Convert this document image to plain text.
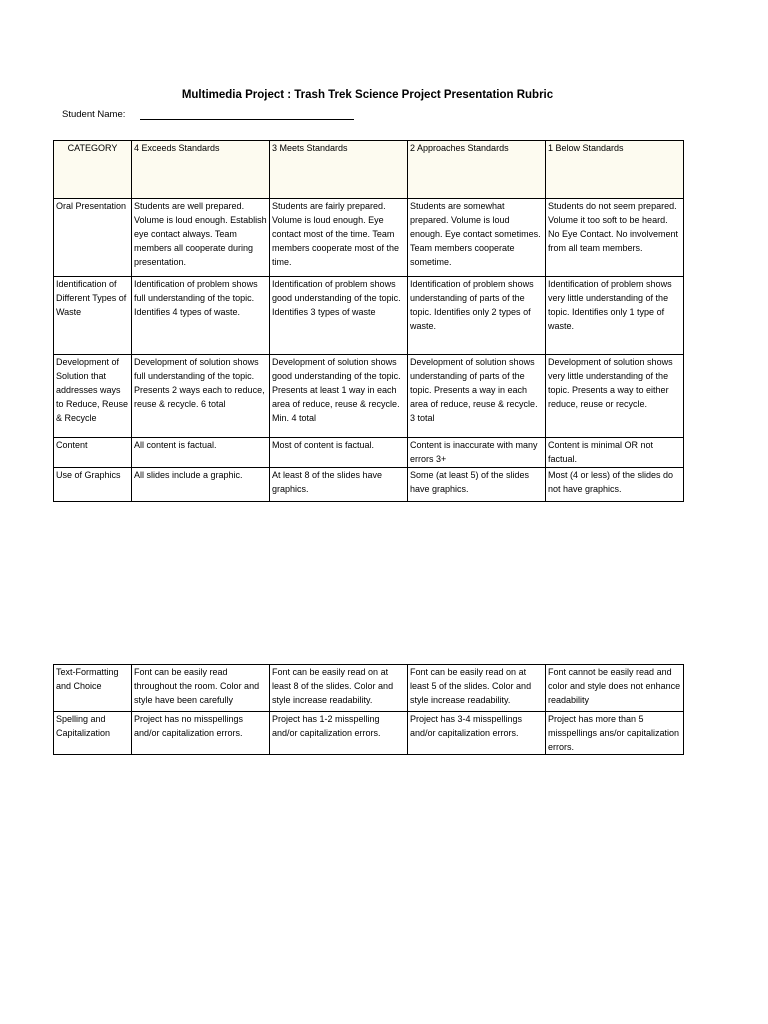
Multimedia Project : Trash Trek Science Project Presentation Rubric
Student Name:
CATEGORY	4 Exceeds Standards	3 Meets Standards	2 Approaches Standards	1 Below Standards
Oral Presentation	Students are well prepared. Volume is loud enough. Establish eye contact always. Team members all cooperate during presentation.	Students are fairly prepared. Volume is loud enough. Eye contact most of the time. Team members cooperate most of the time.	Students are somewhat prepared. Volume is loud enough. Eye contact sometimes. Team members cooperate sometime.	Students do not seem prepared. Volume it too soft to be heard. No Eye Contact. No involvement from all team members.
Identification of Different Types of Waste	Identification of problem shows full understanding of the topic. Identifies 4 types of waste.	Identification of problem shows good understanding of the topic. Identifies 3 types of waste	Identification of problem shows understanding of parts of the topic. Identifies only 2 types of waste.	Identification of problem shows very little understanding of the topic. Identifies only 1 type of waste.
Development of Solution that addresses ways to Reduce, Reuse & Recycle	Development of solution shows full understanding of the topic. Presents 2 ways each to reduce, reuse & recycle. 6 total	Development of solution shows good understanding of the topic. Presents at least 1 way in each area of reduce, reuse & recycle. Min. 4 total	Development of solution shows understanding of parts of the topic. Presents a way in each area of reduce, reuse & recycle. 3 total	Development of solution shows very little understanding of the topic. Presents a way to either reduce, reuse or recycle.
Content	All content is factual.	Most of content is factual.	Content is inaccurate with many errors 3+	Content is minimal OR not factual.
Use of Graphics	All slides include a graphic.	At least 8 of the slides have graphics.	Some (at least 5) of the slides have graphics.	Most (4 or less) of the slides do not have graphics.
Text-Formatting and Choice	Font can be easily read throughout the room. Color and style have been carefully	Font can be easily read on at least 8 of the slides. Color and style increase readability.	Font can be easily read on at least 5 of the slides. Color and style increase readability.	Font cannot be easily read and color and style does not enhance readability
Spelling and Capitalization	Project has no misspellings and/or capitalization errors.	Project has 1-2 misspelling and/or capitalization errors.	Project has 3-4 misspellings and/or capitalization errors.	Project has more than 5 misspellings ans/or capitalization errors.
